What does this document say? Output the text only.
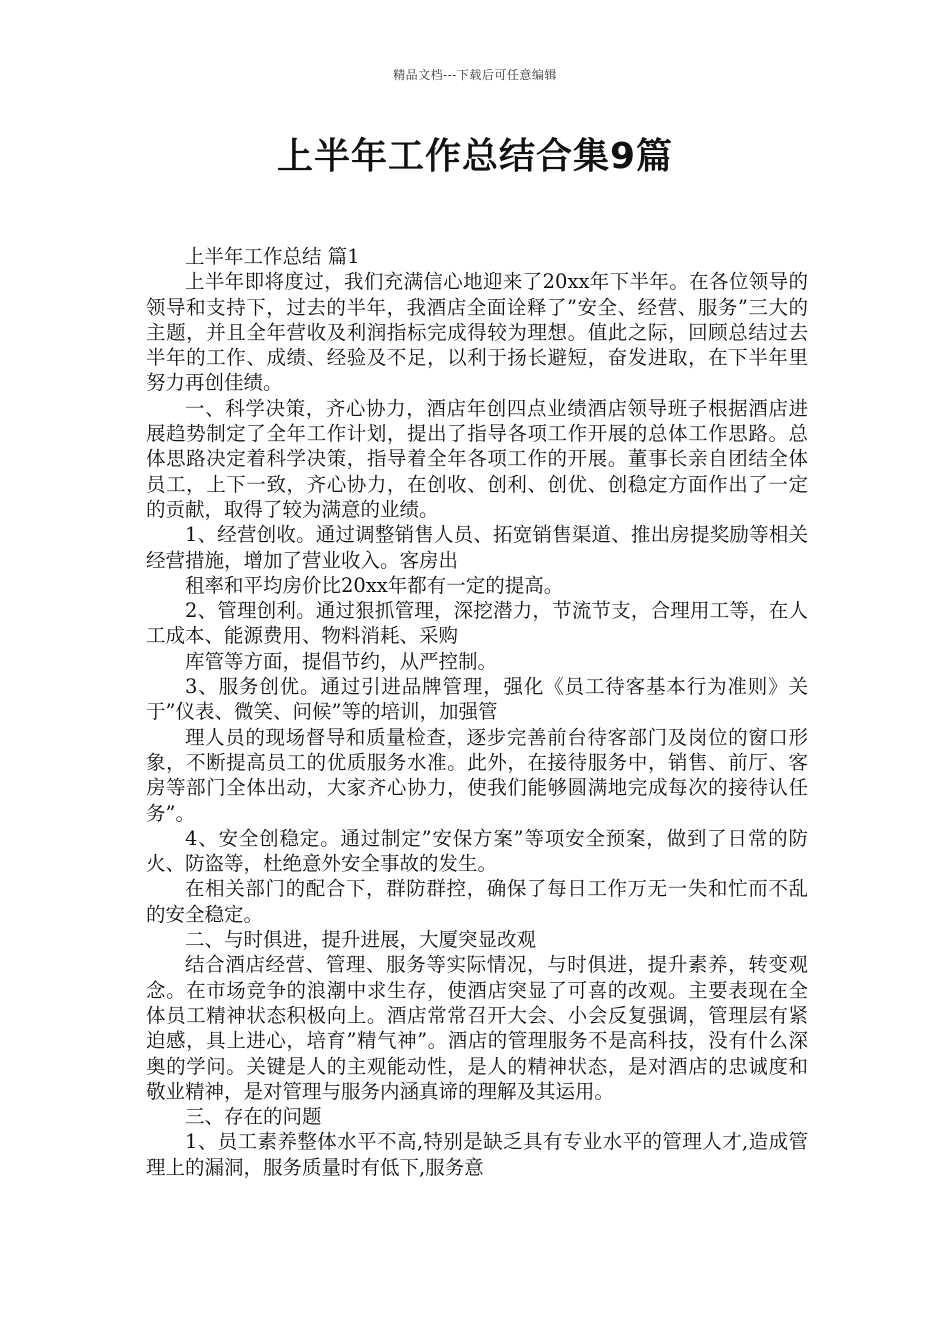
精品文档---下载后可任意编辑
上半年工作总结合集9篇

上半年工作总结 篇1

上半年即将度过，我们充满信心地迎来了20xx年下半年。在各位领导的领导和支持下，过去的半年，我酒店全面诠释了”安全、经营、服务”三大的主题，并且全年营收及利润指标完成得较为理想。值此之际，回顾总结过去半年的工作、成绩、经验及不足，以利于扬长避短，奋发进取，在下半年里努力再创佳绩。

一、科学决策，齐心协力，酒店年创四点业绩酒店领导班子根据酒店进展趋势制定了全年工作计划，提出了指导各项工作开展的总体工作思路。总体思路决定着科学决策，指导着全年各项工作的开展。董事长亲自团结全体员工，上下一致，齐心协力，在创收、创利、创优、创稳定方面作出了一定的贡献，取得了较为满意的业绩。

1、经营创收。通过调整销售人员、拓宽销售渠道、推出房提奖励等相关经营措施，增加了营业收入。客房出

租率和平均房价比20xx年都有一定的提高。

2、管理创利。通过狠抓管理，深挖潜力，节流节支，合理用工等，在人工成本、能源费用、物料消耗、采购

库管等方面，提倡节约，从严控制。

3、服务创优。通过引进品牌管理，强化《员工待客基本行为准则》关于”仪表、微笑、问候”等的培训，加强管

理人员的现场督导和质量检查，逐步完善前台待客部门及岗位的窗口形象，不断提高员工的优质服务水准。此外，在接待服务中，销售、前厅、客房等部门全体出动，大家齐心协力，使我们能够圆满地完成每次的接待认任务”。

4、安全创稳定。通过制定”安保方案”等项安全预案，做到了日常的防火、防盗等，杜绝意外安全事故的发生。

在相关部门的配合下，群防群控，确保了每日工作万无一失和忙而不乱的安全稳定。

二、与时俱进，提升进展，大厦突显改观

结合酒店经营、管理、服务等实际情况，与时俱进，提升素养，转变观念。在市场竞争的浪潮中求生存，使酒店突显了可喜的改观。主要表现在全体员工精神状态积极向上。酒店常常召开大会、小会反复强调，管理层有紧迫感，具上进心，培育”精气神”。酒店的管理服务不是高科技，没有什么深奥的学问。关键是人的主观能动性，是人的精神状态，是对酒店的忠诚度和敬业精神，是对管理与服务内涵真谛的理解及其运用。

三、存在的问题

1、员工素养整体水平不高,特别是缺乏具有专业水平的管理人才,造成管理上的漏洞，服务质量时有低下,服务意
